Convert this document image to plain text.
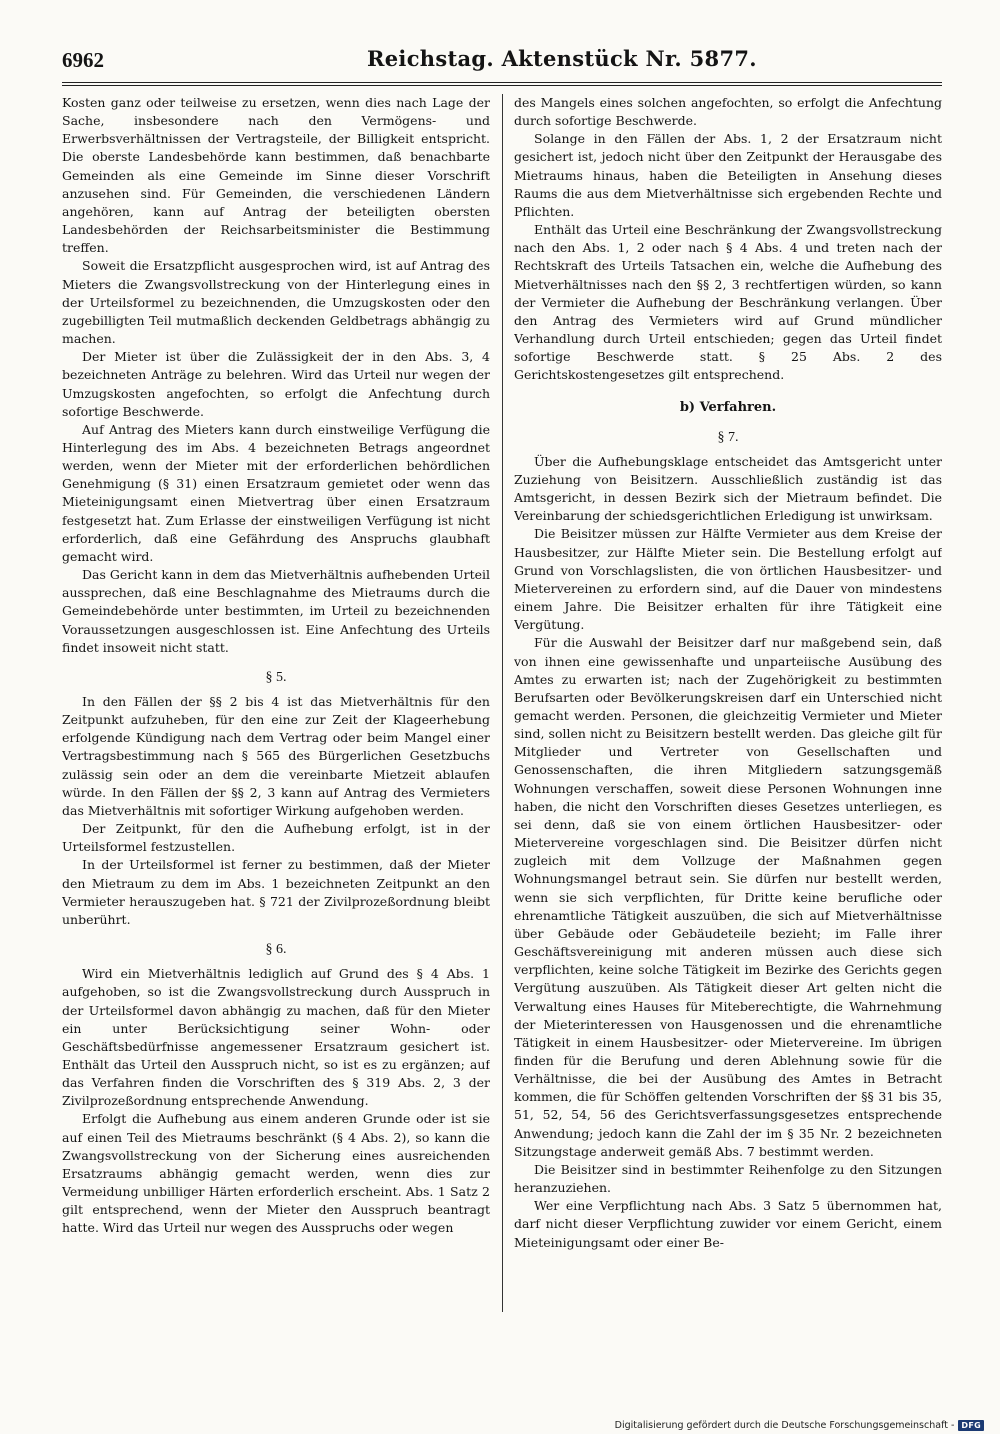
6962	Reichstag. Aktenstück Nr. 5877.

Kosten ganz oder teilweise zu ersetzen, wenn dies nach Lage der Sache, insbesondere nach den Vermögens- und Erwerbsverhältnissen der Vertragsteile, der Billigkeit entspricht. Die oberste Landesbehörde kann bestimmen, daß benachbarte Gemeinden als eine Gemeinde im Sinne dieser Vorschrift anzusehen sind. Für Gemeinden, die verschiedenen Ländern angehören, kann auf Antrag der beteiligten obersten Landesbehörden der Reichsarbeitsminister die Bestimmung treffen.

Soweit die Ersatzpflicht ausgesprochen wird, ist auf Antrag des Mieters die Zwangsvollstreckung von der Hinterlegung eines in der Urteilsformel zu bezeichnenden, die Umzugskosten oder den zugebilligten Teil mutmaßlich deckenden Geldbetrags abhängig zu machen.

Der Mieter ist über die Zulässigkeit der in den Abs. 3, 4 bezeichneten Anträge zu belehren. Wird das Urteil nur wegen der Umzugskosten angefochten, so erfolgt die Anfechtung durch sofortige Beschwerde.

Auf Antrag des Mieters kann durch einstweilige Verfügung die Hinterlegung des im Abs. 4 bezeichneten Betrags angeordnet werden, wenn der Mieter mit der erforderlichen behördlichen Genehmigung (§ 31) einen Ersatzraum gemietet oder wenn das Mieteinigungsamt einen Mietvertrag über einen Ersatzraum festgesetzt hat. Zum Erlasse der einstweiligen Verfügung ist nicht erforderlich, daß eine Gefährdung des Anspruchs glaubhaft gemacht wird.

Das Gericht kann in dem das Mietverhältnis aufhebenden Urteil aussprechen, daß eine Beschlagnahme des Mietraums durch die Gemeindebehörde unter bestimmten, im Urteil zu bezeichnenden Voraussetzungen ausgeschlossen ist. Eine Anfechtung des Urteils findet insoweit nicht statt.

§ 5.

In den Fällen der §§ 2 bis 4 ist das Mietverhältnis für den Zeitpunkt aufzuheben, für den eine zur Zeit der Klageerhebung erfolgende Kündigung nach dem Vertrag oder beim Mangel einer Vertragsbestimmung nach § 565 des Bürgerlichen Gesetzbuchs zulässig sein oder an dem die vereinbarte Mietzeit ablaufen würde. In den Fällen der §§ 2, 3 kann auf Antrag des Vermieters das Mietverhältnis mit sofortiger Wirkung aufgehoben werden.

Der Zeitpunkt, für den die Aufhebung erfolgt, ist in der Urteilsformel festzustellen.

In der Urteilsformel ist ferner zu bestimmen, daß der Mieter den Mietraum zu dem im Abs. 1 bezeichneten Zeitpunkt an den Vermieter herauszugeben hat. § 721 der Zivilprozeßordnung bleibt unberührt.

§ 6.

Wird ein Mietverhältnis lediglich auf Grund des § 4 Abs. 1 aufgehoben, so ist die Zwangsvollstreckung durch Ausspruch in der Urteilsformel davon abhängig zu machen, daß für den Mieter ein unter Berücksichtigung seiner Wohn- oder Geschäftsbedürfnisse angemessener Ersatzraum gesichert ist. Enthält das Urteil den Ausspruch nicht, so ist es zu ergänzen; auf das Verfahren finden die Vorschriften des § 319 Abs. 2, 3 der Zivilprozeßordnung entsprechende Anwendung.

Erfolgt die Aufhebung aus einem anderen Grunde oder ist sie auf einen Teil des Mietraums beschränkt (§ 4 Abs. 2), so kann die Zwangsvollstreckung von der Sicherung eines ausreichenden Ersatzraums abhängig gemacht werden, wenn dies zur Vermeidung unbilliger Härten erforderlich erscheint. Abs. 1 Satz 2 gilt entsprechend, wenn der Mieter den Ausspruch beantragt hatte. Wird das Urteil nur wegen des Ausspruchs oder wegen

des Mangels eines solchen angefochten, so erfolgt die Anfechtung durch sofortige Beschwerde.

Solange in den Fällen der Abs. 1, 2 der Ersatzraum nicht gesichert ist, jedoch nicht über den Zeitpunkt der Herausgabe des Mietraums hinaus, haben die Beteiligten in Ansehung dieses Raums die aus dem Mietverhältnisse sich ergebenden Rechte und Pflichten.

Enthält das Urteil eine Beschränkung der Zwangsvollstreckung nach den Abs. 1, 2 oder nach § 4 Abs. 4 und treten nach der Rechtskraft des Urteils Tatsachen ein, welche die Aufhebung des Mietverhältnisses nach den §§ 2, 3 rechtfertigen würden, so kann der Vermieter die Aufhebung der Beschränkung verlangen. Über den Antrag des Vermieters wird auf Grund mündlicher Verhandlung durch Urteil entschieden; gegen das Urteil findet sofortige Beschwerde statt. § 25 Abs. 2 des Gerichtskostengesetzes gilt entsprechend.

b) Verfahren.

§ 7.

Über die Aufhebungsklage entscheidet das Amtsgericht unter Zuziehung von Beisitzern. Ausschließlich zuständig ist das Amtsgericht, in dessen Bezirk sich der Mietraum befindet. Die Vereinbarung der schiedsgerichtlichen Erledigung ist unwirksam.

Die Beisitzer müssen zur Hälfte Vermieter aus dem Kreise der Hausbesitzer, zur Hälfte Mieter sein. Die Bestellung erfolgt auf Grund von Vorschlagslisten, die von örtlichen Hausbesitzer- und Mietervereinen zu erfordern sind, auf die Dauer von mindestens einem Jahre. Die Beisitzer erhalten für ihre Tätigkeit eine Vergütung.

Für die Auswahl der Beisitzer darf nur maßgebend sein, daß von ihnen eine gewissenhafte und unparteiische Ausübung des Amtes zu erwarten ist; nach der Zugehörigkeit zu bestimmten Berufsarten oder Bevölkerungskreisen darf ein Unterschied nicht gemacht werden. Personen, die gleichzeitig Vermieter und Mieter sind, sollen nicht zu Beisitzern bestellt werden. Das gleiche gilt für Mitglieder und Vertreter von Gesellschaften und Genossenschaften, die ihren Mitgliedern satzungsgemäß Wohnungen verschaffen, soweit diese Personen Wohnungen inne haben, die nicht den Vorschriften dieses Gesetzes unterliegen, es sei denn, daß sie von einem örtlichen Hausbesitzer- oder Mietervereine vorgeschlagen sind. Die Beisitzer dürfen nicht zugleich mit dem Vollzuge der Maßnahmen gegen Wohnungsmangel betraut sein. Sie dürfen nur bestellt werden, wenn sie sich verpflichten, für Dritte keine berufliche oder ehrenamtliche Tätigkeit auszuüben, die sich auf Mietverhältnisse über Gebäude oder Gebäudeteile bezieht; im Falle ihrer Geschäftsvereinigung mit anderen müssen auch diese sich verpflichten, keine solche Tätigkeit im Bezirke des Gerichts gegen Vergütung auszuüben. Als Tätigkeit dieser Art gelten nicht die Verwaltung eines Hauses für Miteberechtigte, die Wahrnehmung der Mieterinteressen von Hausgenossen und die ehrenamtliche Tätigkeit in einem Hausbesitzer- oder Mietervereine. Im übrigen finden für die Berufung und deren Ablehnung sowie für die Verhältnisse, die bei der Ausübung des Amtes in Betracht kommen, die für Schöffen geltenden Vorschriften der §§ 31 bis 35, 51, 52, 54, 56 des Gerichtsverfassungsgesetzes entsprechende Anwendung; jedoch kann die Zahl der im § 35 Nr. 2 bezeichneten Sitzungstage anderweit gemäß Abs. 7 bestimmt werden.

Die Beisitzer sind in bestimmter Reihenfolge zu den Sitzungen heranzuziehen.

Wer eine Verpflichtung nach Abs. 3 Satz 5 übernommen hat, darf nicht dieser Verpflichtung zuwider vor einem Gericht, einem Mieteinigungsamt oder einer Be-

Digitalisierung gefördert durch die Deutsche Forschungsgemeinschaft - DFG
